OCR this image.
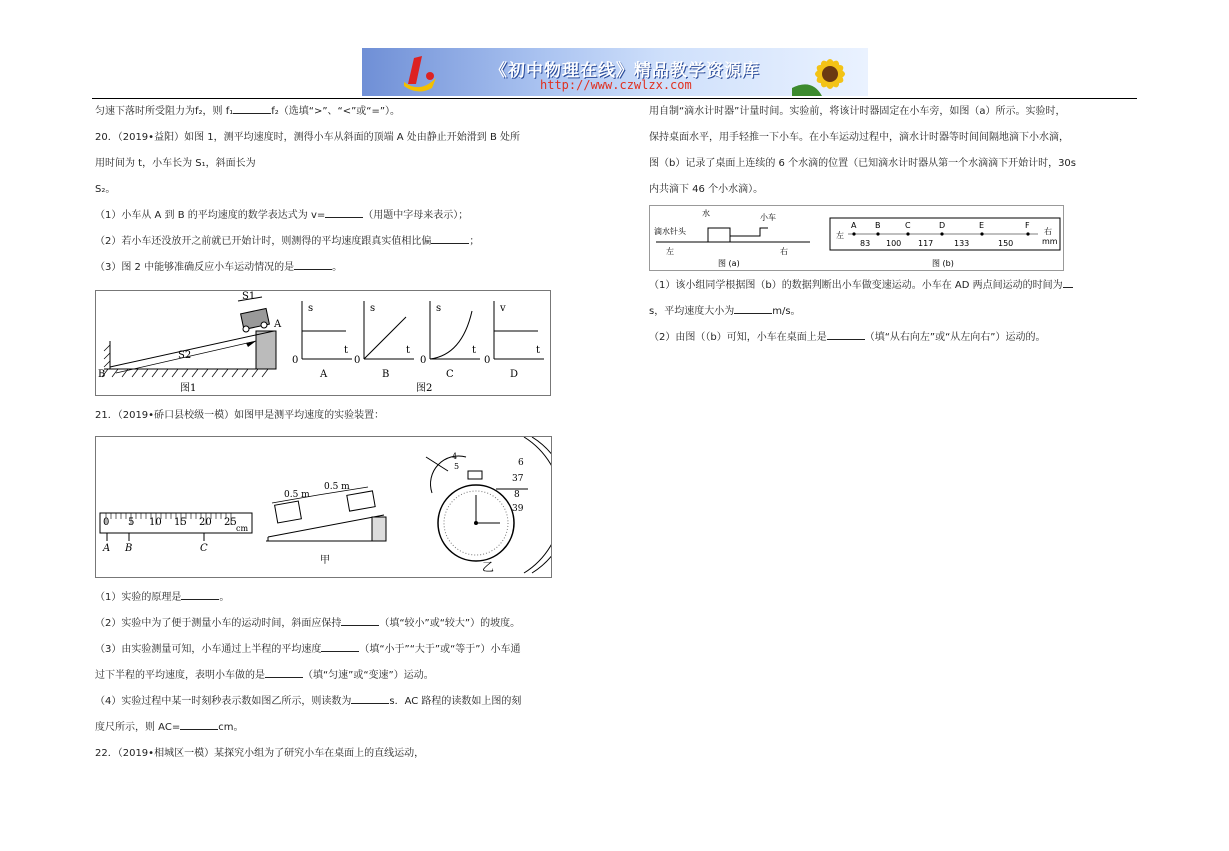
《初中物理在线》精品教学资源库
http://www.czwlzx.com

匀速下落时所受阻力为f₂，则 f₁	f₂（选填“>”、“<”或“=”）。

20．（2019•益阳）如图 1，测平均速度时，测得小车从斜面的顶端 A 处由静止开始滑到 B 处所

用时间为 t，小车长为 S₁，斜面长为

S₂。

（1）小车从 A 到 B 的平均速度的数学表达式为 v=	（用题中字母来表示）；

（2）若小车还没放开之前就已开始计时，则测得的平均速度跟真实值相比偏	；

（3）图 2 中能够准确反应小车运动情况的是	。

21．（2019•硚口县校级一模）如图甲是测平均速度的实验装置：

（1）实验的原理是	。

（2）实验中为了便于测量小车的运动时间，斜面应保持	（填“较小”或“较大”）的坡度。

（3）由实验测量可知，小车通过上半程的平均速度	（填“小于”“大于”或“等于”）小车通

过下半程的平均速度，表明小车做的是	（填“匀速”或“变速”）运动。

（4）实验过程中某一时刻秒表示数如图乙所示，则读数为	s．AC 路程的读数如上图的刻

度尺所示，则 AC=	cm。

22．（2019•相城区一模）某探究小组为了研究小车在桌面上的直线运动，

S2
S1
A
B
图1
s
t
0
A
s
t
0
B
s
t
0
C
图2
v
t
0
D
0 5 10 15 20 25
cm
A B	C
0.5 m
0.5 m
甲
4
5	6
37
8
39
乙

用自制“滴水计时器”计量时间。实验前，将该计时器固定在小车旁，如图（a）所示。实验时，

保持桌面水平，用手轻推一下小车。在小车运动过程中，滴水计时器等时间间隔地滴下小水滴，

图（b）记录了桌面上连续的 6 个水滴的位置（已知滴水计时器从第一个水滴滴下开始计时，30s

内共滴下 46 个小水滴）。

（1）该小组同学根据图（b）的数据判断出小车做变速运动。小车在 AD 两点间运动的时间为

s，平均速度大小为	m/s。

（2）由图（（b）可知，小车在桌面上是	（填“从右向左”或“从左向右”）运动的。

水	小车
滴水针头
左	右
图 (a)
左	右
mm
A B	C	D	E	F
83 100 117	133	150
图 (b)
